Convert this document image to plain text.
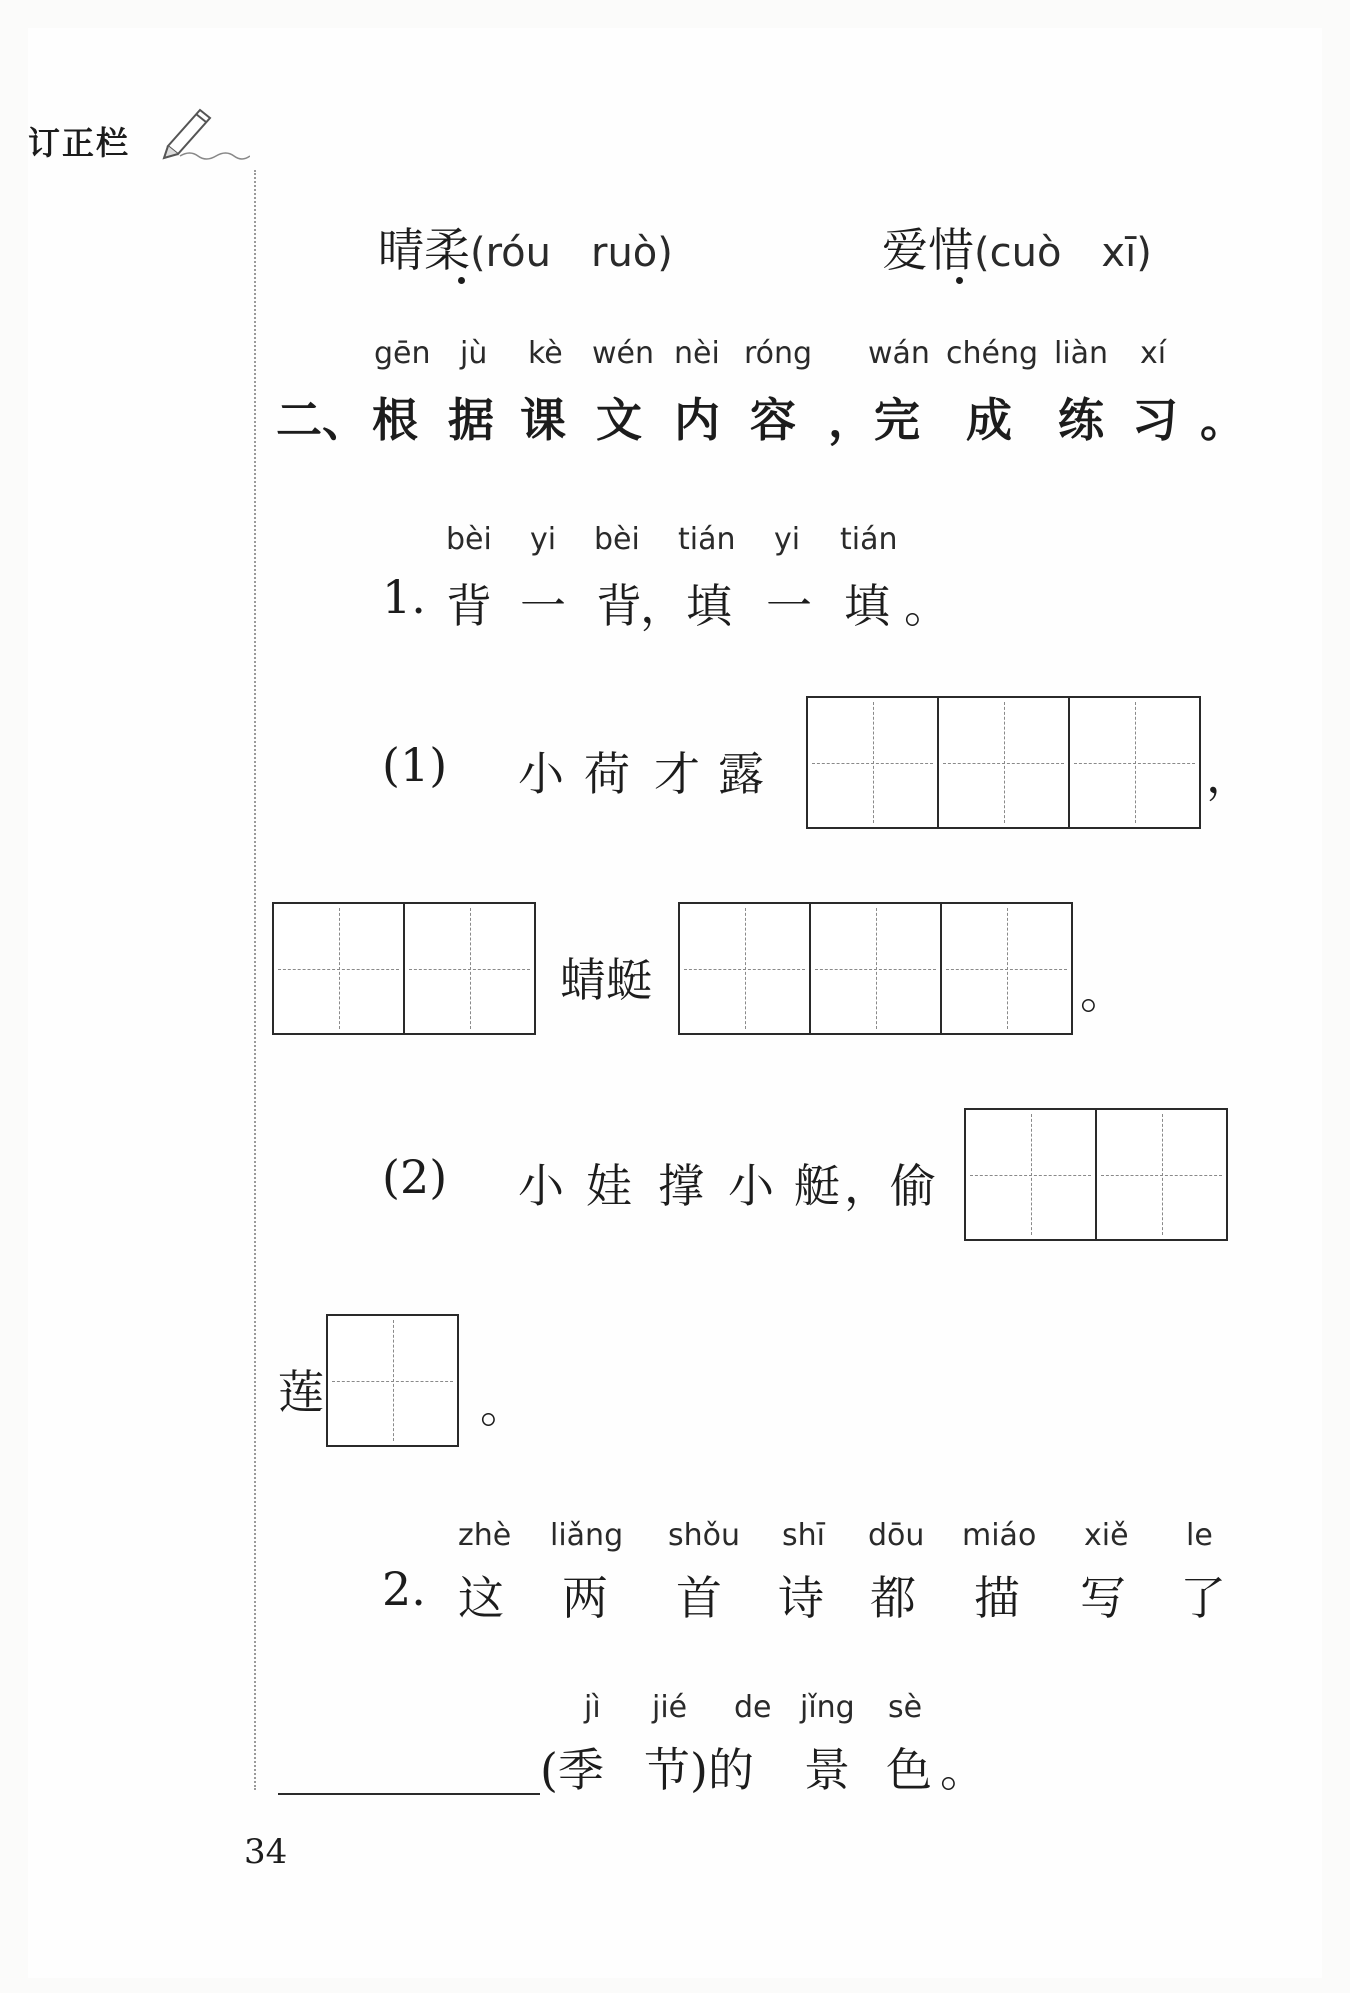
订正栏
晴柔(róu　ruò)	爱惜(cuò　xī)
gēn jù kè wén nèi róng wán chéng liàn xí
二、 根 据 课 文 内 容 ， 完 成 练 习 。
bèi yi bèi tián yi tián
1. 背 一 背
，填 一 填 。
(1) 小 荷 才 露	，
蜻蜓	。
(2) 小 娃 撑 小 艇 ， 偷
莲	。
zhè liǎng shǒu shī dōu miáo xiě le
2. 这 两 首 诗 都 描 写 了
jì jié de jǐng sè
(季 节)的 景 色 。
34
